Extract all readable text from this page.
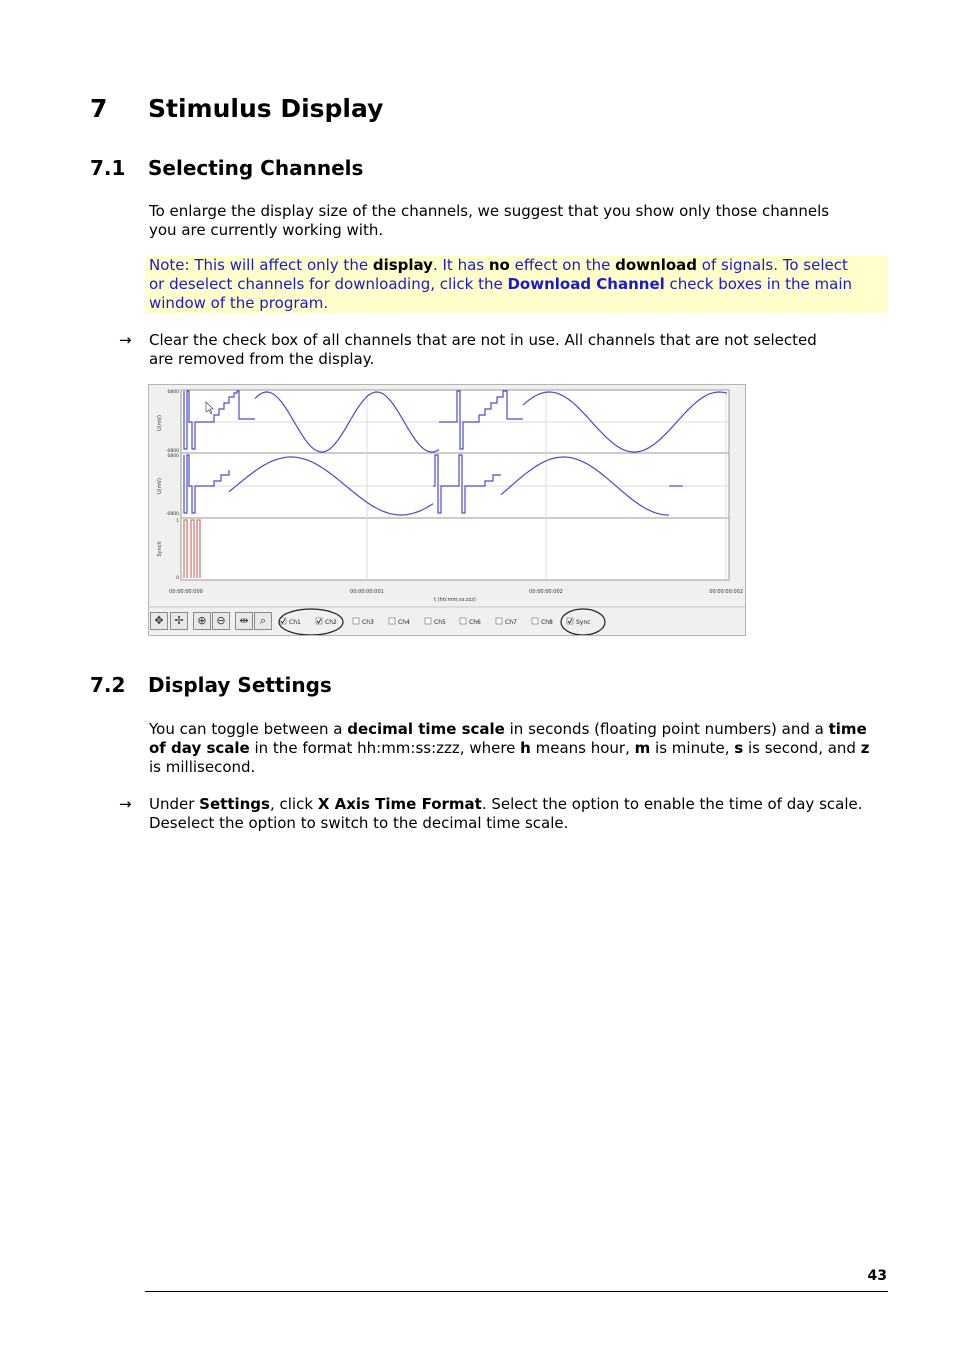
7 Stimulus Display
7.1 Selecting Channels
To enlarge the display size of the channels, we suggest that you show only those channels
you are currently working with.
Note: This will affect only the display. It has no effect on the download of signals. To select
or deselect channels for downloading, click the Download Channel check boxes in the main
window of the program.
→ Clear the check box of all channels that are not in use. All channels that are not selected
are removed from the display.
U(mV)
U(mV)
Synch
0800
-0800
0800
-0800
1
0
00:00:00:000	00:00:00:001	00:00:00:002	00:00:00:002
t (hh:mm:ss:zzz)
Ch1	Ch2	Ch3	Ch4	Ch5	Ch6	Ch7	Ch8	Sync
✥ ✢	⊕ ⊖	⇹	⌕
7.2 Display Settings
You can toggle between a decimal time scale in seconds (floating point numbers) and a time
of day scale in the format hh:mm:ss:zzz, where h means hour, m is minute, s is second, and z
is millisecond.
→ Under Settings, click X Axis Time Format. Select the option to enable the time of day scale.
Deselect the option to switch to the decimal time scale.
43
